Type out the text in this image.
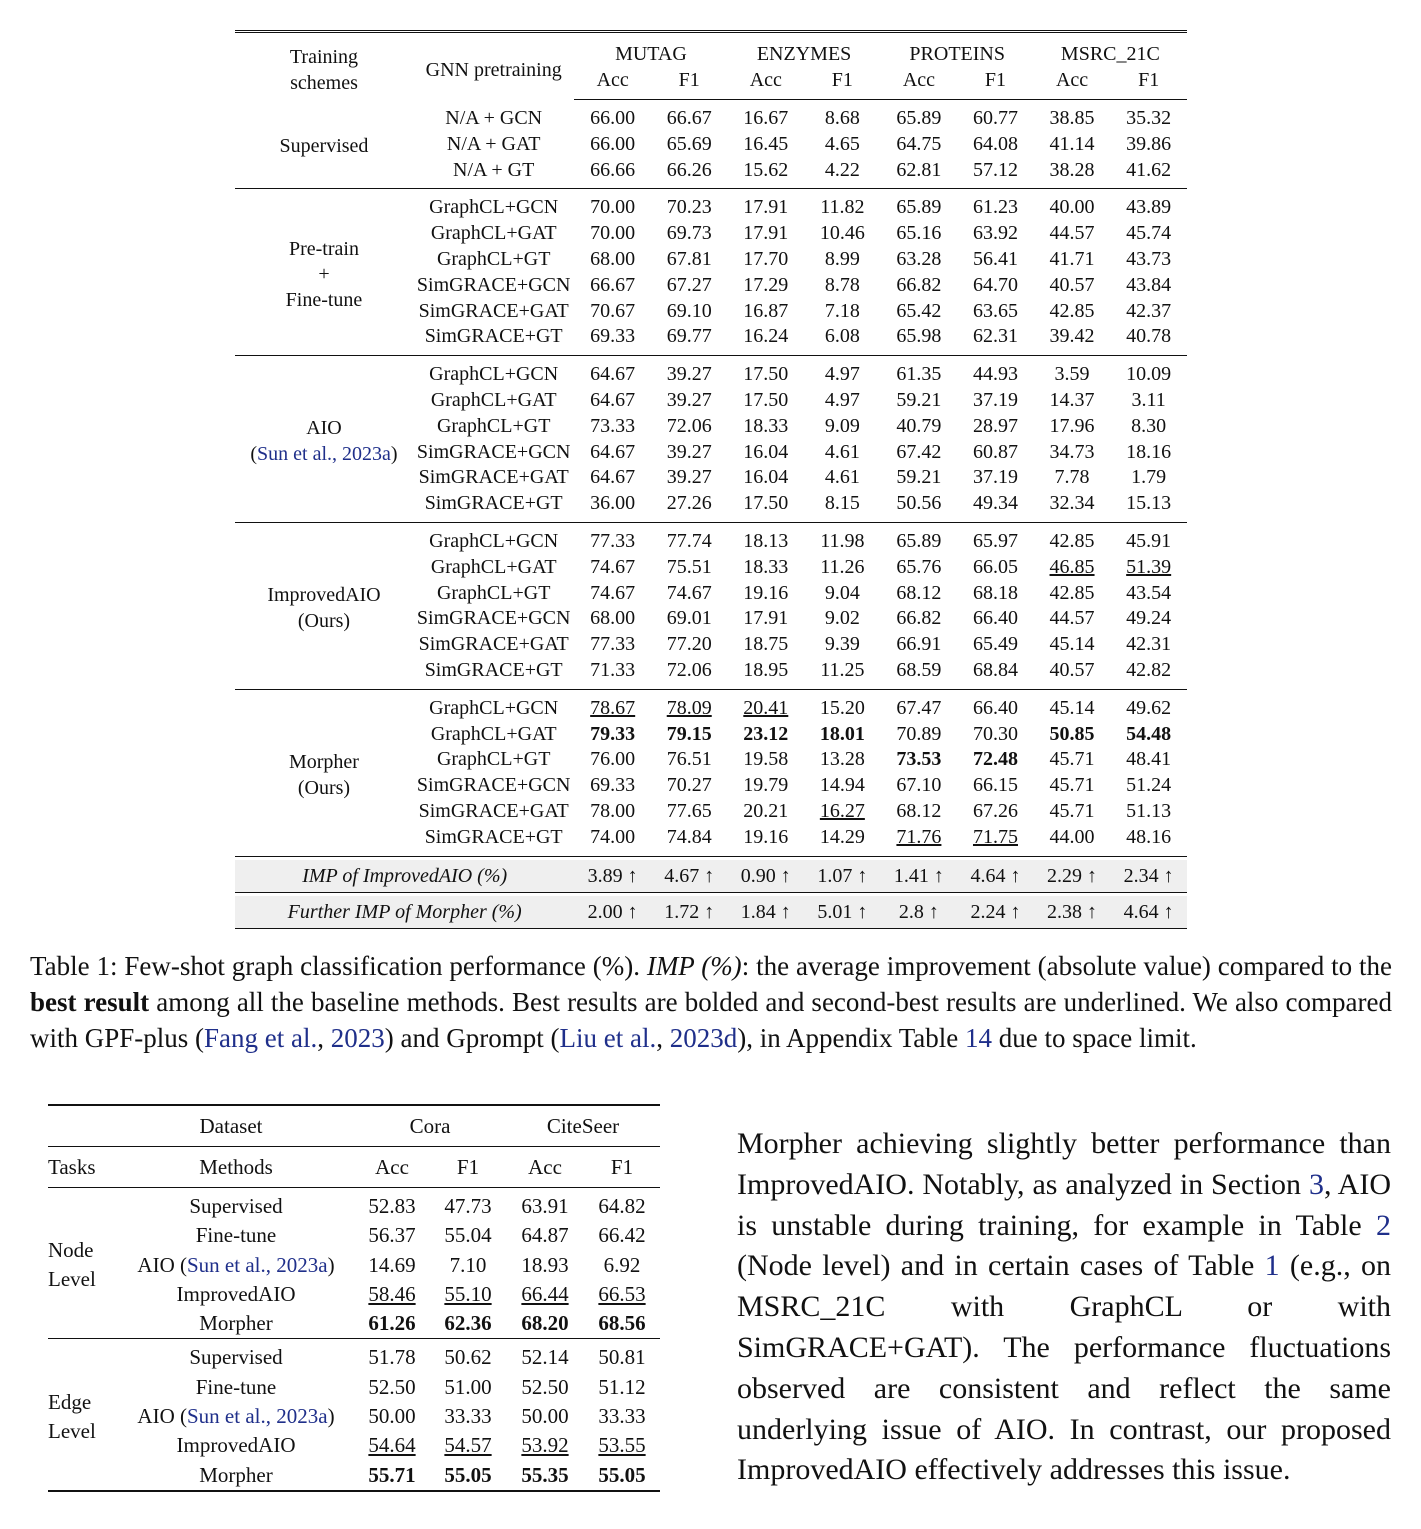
Training schemes	GNN pretraining	MUTAG		ENZYMES		PROTEINS		MSRC_21C	
		Acc	F1	Acc	F1	Acc	F1	Acc	F1

Supervised	N/A + GCN	66.00	66.67	16.67	8.68	65.89	60.77	38.85	35.32
	N/A + GAT	66.00	65.69	16.45	4.65	64.75	64.08	41.14	39.86
	N/A + GT	66.66	66.26	15.62	4.22	62.81	57.12	38.28	41.62

Pre-train
+
Fine-tune	GraphCL+GCN	70.00	70.23	17.91	11.82	65.89	61.23	40.00	43.89
	GraphCL+GAT	70.00	69.73	17.91	10.46	65.16	63.92	44.57	45.74
	GraphCL+GT	68.00	67.81	17.70	8.99	63.28	56.41	41.71	43.73
	SimGRACE+GCN	66.67	67.27	17.29	8.78	66.82	64.70	40.57	43.84
	SimGRACE+GAT	70.67	69.10	16.87	7.18	65.42	63.65	42.85	42.37
	SimGRACE+GT	69.33	69.77	16.24	6.08	65.98	62.31	39.42	40.78

AIO
(Sun et al., 2023a)	GraphCL+GCN	64.67	39.27	17.50	4.97	61.35	44.93	3.59	10.09
	GraphCL+GAT	64.67	39.27	17.50	4.97	59.21	37.19	14.37	3.11
	GraphCL+GT	73.33	72.06	18.33	9.09	40.79	28.97	17.96	8.30
	SimGRACE+GCN	64.67	39.27	16.04	4.61	67.42	60.87	34.73	18.16
	SimGRACE+GAT	64.67	39.27	16.04	4.61	59.21	37.19	7.78	1.79
	SimGRACE+GT	36.00	27.26	17.50	8.15	50.56	49.34	32.34	15.13

ImprovedAIO
(Ours)	GraphCL+GCN	77.33	77.74	18.13	11.98	65.89	65.97	42.85	45.91
	GraphCL+GAT	74.67	75.51	18.33	11.26	65.76	66.05	46.85	51.39
	GraphCL+GT	74.67	74.67	19.16	9.04	68.12	68.18	42.85	43.54
	SimGRACE+GCN	68.00	69.01	17.91	9.02	66.82	66.40	44.57	49.24
	SimGRACE+GAT	77.33	77.20	18.75	9.39	66.91	65.49	45.14	42.31
	SimGRACE+GT	71.33	72.06	18.95	11.25	68.59	68.84	40.57	42.82

Morpher
(Ours)	GraphCL+GCN	78.67	78.09	20.41	15.20	67.47	66.40	45.14	49.62
	GraphCL+GAT	79.33	79.15	23.12	18.01	70.89	70.30	50.85	54.48
	GraphCL+GT	76.00	76.51	19.58	13.28	73.53	72.48	45.71	48.41
	SimGRACE+GCN	69.33	70.27	19.79	14.94	67.10	66.15	45.71	51.24
	SimGRACE+GAT	78.00	77.65	20.21	16.27	68.12	67.26	45.71	51.13
	SimGRACE+GT	74.00	74.84	19.16	14.29	71.76	71.75	44.00	48.16

IMP of ImprovedAIO (%)		3.89 ↑	4.67 ↑	0.90 ↑	1.07 ↑	1.41 ↑	4.64 ↑	2.29 ↑	2.34 ↑

Further IMP of Morpher (%)		2.00 ↑	1.72 ↑	1.84 ↑	5.01 ↑	2.8 ↑	2.24 ↑	2.38 ↑	4.64 ↑

Table 1: Few-shot graph classification performance (%). IMP (%): the average improvement (absolute value) compared to the best result among all the baseline methods. Best results are bolded and second-best results are underlined. We also compared with GPF-plus (Fang et al., 2023) and Gprompt (Liu et al., 2023d), in Appendix Table 14 due to space limit.

Dataset		Cora		CiteSeer	
Tasks	Methods	Acc	F1	Acc	F1

Node
Level	Supervised	52.83	47.73	63.91	64.82
	Fine-tune	56.37	55.04	64.87	66.42
	AIO (Sun et al., 2023a)	14.69	7.10	18.93	6.92
	ImprovedAIO	58.46	55.10	66.44	66.53
	Morpher	61.26	62.36	68.20	68.56

Edge
Level	Supervised	51.78	50.62	52.14	50.81
	Fine-tune	52.50	51.00	52.50	51.12
	AIO (Sun et al., 2023a)	50.00	33.33	50.00	33.33
	ImprovedAIO	54.64	54.57	53.92	53.55
	Morpher	55.71	55.05	55.35	55.05

Morpher achieving slightly better performance than ImprovedAIO. Notably, as analyzed in Section 3, AIO is unstable during training, for example in Table 2 (Node level) and in certain cases of Table 1 (e.g., on MSRC_21C with GraphCL or with SimGRACE+GAT). The performance fluctuations observed are consistent and reflect the same underlying issue of AIO. In contrast, our proposed ImprovedAIO effectively addresses this issue.
